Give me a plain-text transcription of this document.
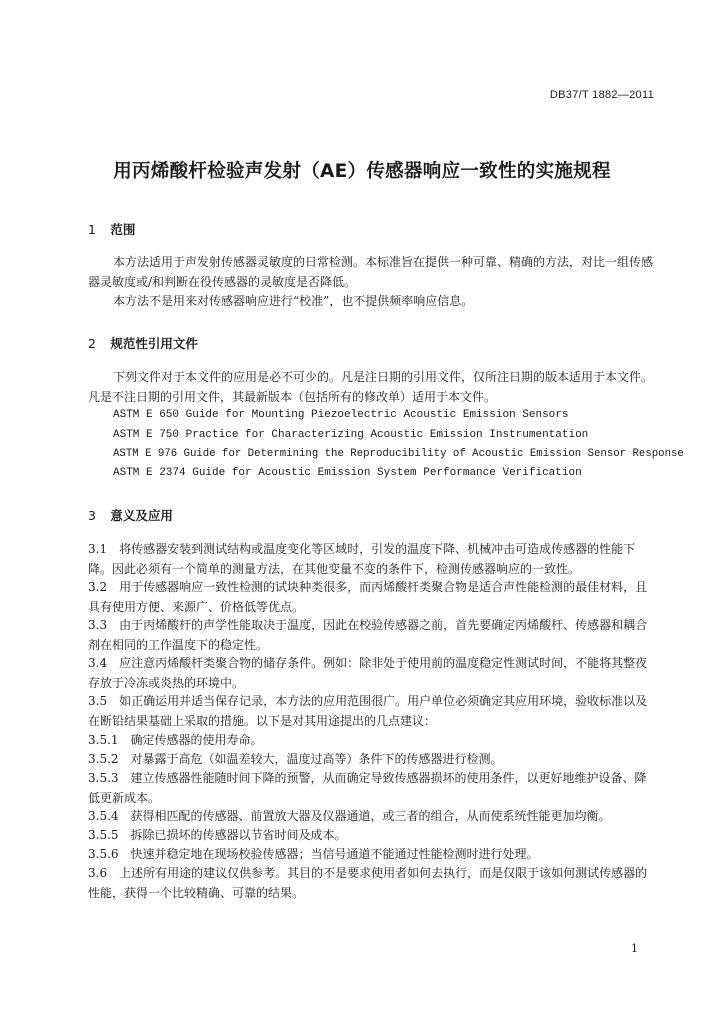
DB37/T 1882—2011
用丙烯酸杆检验声发射（AE）传感器响应一致性的实施规程
1 范围
本方法适用于声发射传感器灵敏度的日常检测。本标准旨在提供一种可靠、精确的方法，对比一组传感器灵敏度或/和判断在役传感器的灵敏度是否降低。
本方法不是用来对传感器响应进行“校准”，也不提供频率响应信息。
2 规范性引用文件
下列文件对于本文件的应用是必不可少的。凡是注日期的引用文件，仅所注日期的版本适用于本文件。凡是不注日期的引用文件，其最新版本（包括所有的修改单）适用于本文件。
ASTM E 650 Guide for Mounting Piezoelectric Acoustic Emission Sensors
ASTM E 750 Practice for Characterizing Acoustic Emission Instrumentation
ASTM E 976 Guide for Determining the Reproducibility of Acoustic Emission Sensor Response
ASTM E 2374 Guide for Acoustic Emission System Performance Verification
3 意义及应用
3.1　将传感器安装到测试结构或温度变化等区域时，引发的温度下降、机械冲击可造成传感器的性能下降。因此必须有一个简单的测量方法，在其他变量不变的条件下，检测传感器响应的一致性。
3.2　用于传感器响应一致性检测的试块种类很多，而丙烯酸杆类聚合物是适合声性能检测的最佳材料，且具有使用方便、来源广、价格低等优点。
3.3　由于丙烯酸杆的声学性能取决于温度，因此在校验传感器之前，首先要确定丙烯酸杆、传感器和耦合剂在相同的工作温度下的稳定性。
3.4　应注意丙烯酸杆类聚合物的储存条件。例如：除非处于使用前的温度稳定性测试时间，不能将其整夜存放于冷冻或炎热的环境中。
3.5　如正确运用并适当保存记录，本方法的应用范围很广。用户单位必须确定其应用环境，验收标准以及在断铅结果基础上采取的措施。以下是对其用途提出的几点建议：
3.5.1　确定传感器的使用寿命。
3.5.2　对暴露于高危（如温差较大，温度过高等）条件下的传感器进行检测。
3.5.3　建立传感器性能随时间下降的预警，从而确定导致传感器损坏的使用条件，以更好地维护设备、降低更新成本。
3.5.4　获得相匹配的传感器、前置放大器及仪器通道，或三者的组合，从而使系统性能更加均衡。
3.5.5　拆除已损坏的传感器以节省时间及成本。
3.5.6　快速并稳定地在现场校验传感器；当信号通道不能通过性能检测时进行处理。
3.6　上述所有用途的建议仅供参考。其目的不是要求使用者如何去执行，而是仅限于该如何测试传感器的性能，获得一个比较精确、可靠的结果。
1
